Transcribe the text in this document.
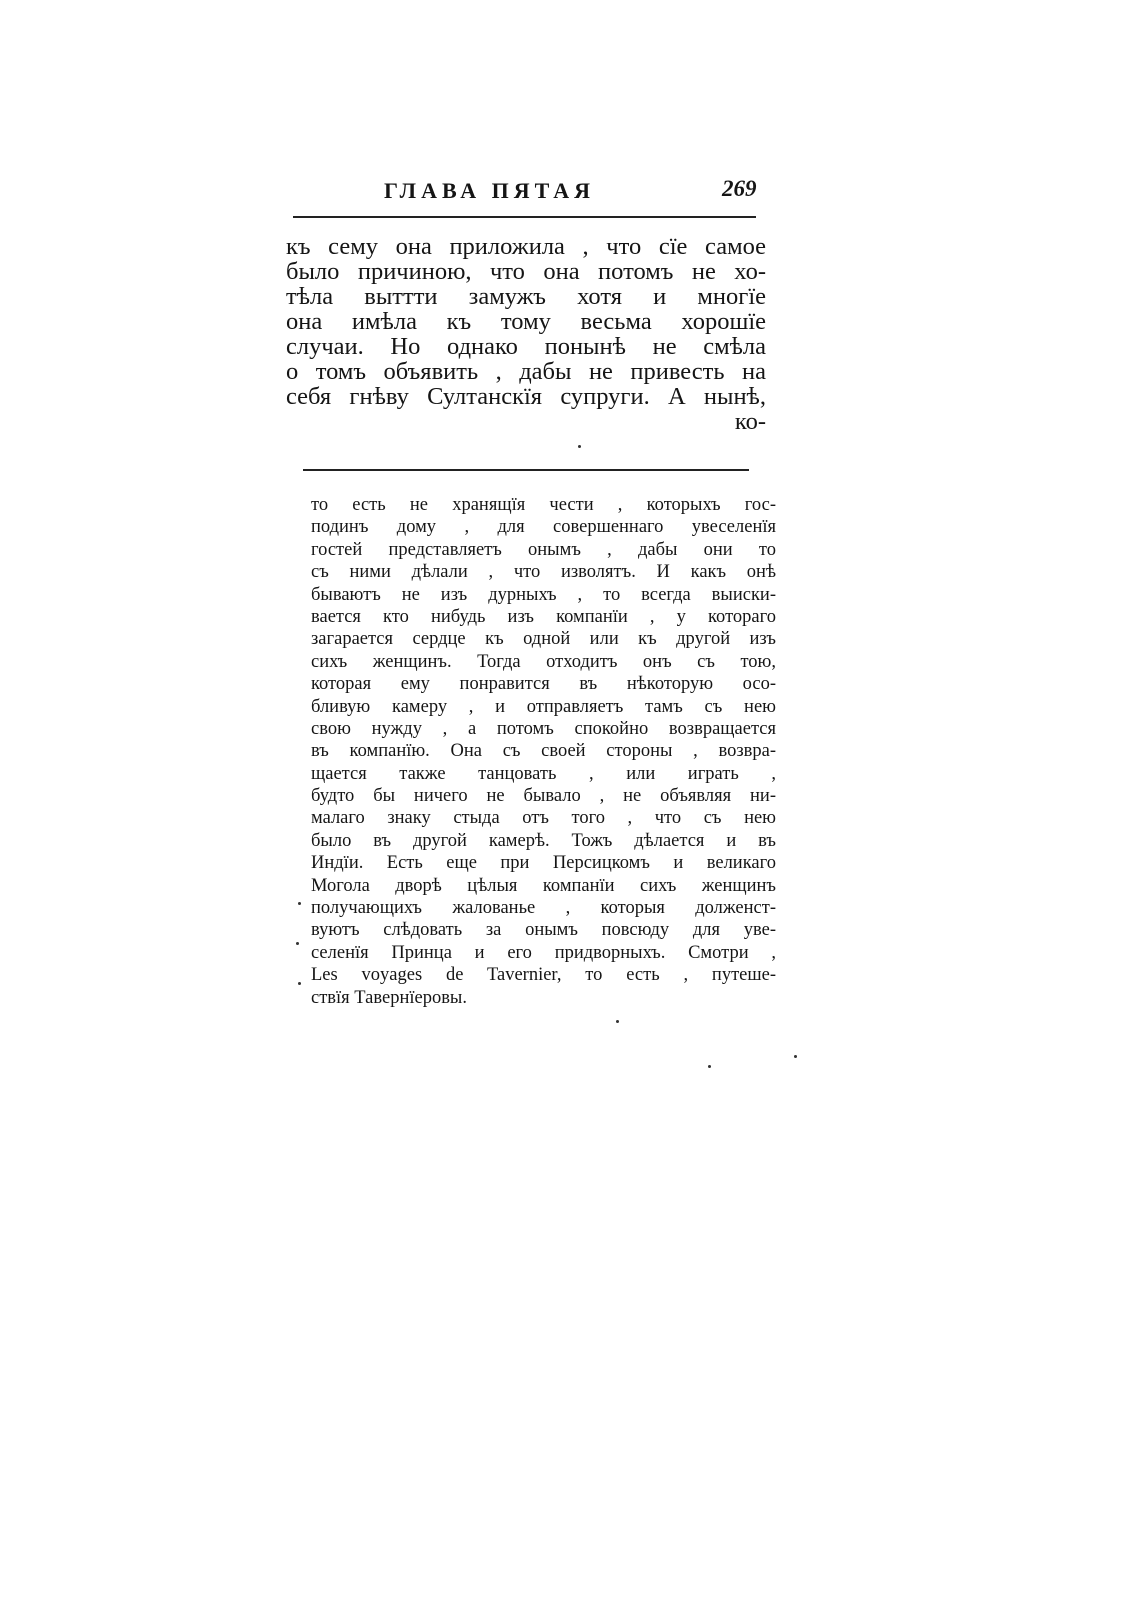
ГЛАВА ПЯТАЯ	269
къ сему она приложила , что сїе самое
было причиною, что она потомъ не хо-
тѣла выттти замужъ хотя и многїе
она имѣла къ тому весьма хорошїе
случаи. Но однако понынѣ не смѣла
о томъ объявить , дабы не привесть на
себя гнѣву Султанскїя супруги. А нынѣ,
ко-
то есть не хранящїя чести , которыхъ гос-
подинъ дому , для совершеннаго увеселенїя
гостей представляетъ онымъ , дабы они то
съ ними дѣлали , что изволятъ. И какъ онѣ
бываютъ не изъ дурныхъ , то всегда выиски-
вается кто нибудь изъ компанїи , у котораго
загарается сердце къ одной или къ другой изъ
сихъ женщинъ. Тогда отходитъ онъ съ тою,
которая ему понравится въ нѣкоторую осо-
бливую камеру , и отправляетъ тамъ съ нею
свою нужду , а потомъ спокойно возвращается
въ компанїю. Она съ своей стороны , возвра-
щается также танцовать , или играть ,
будто бы ничего не бывало , не объявляя ни-
малаго знаку стыда отъ того , что съ нею
было въ другой камерѣ. Тожъ дѣлается и въ
Индїи. Есть еще при Персицкомъ и великаго
Могола дворѣ цѣлыя компанїи сихъ женщинъ
получающихъ жалованье , которыя долженст-
вуютъ слѣдовать за онымъ повсюду для уве-
селенїя Принца и его придворныхъ. Смотри ,
Les voyages de Tavernier, то есть , путеше-
ствїя Тавернїеровы.
